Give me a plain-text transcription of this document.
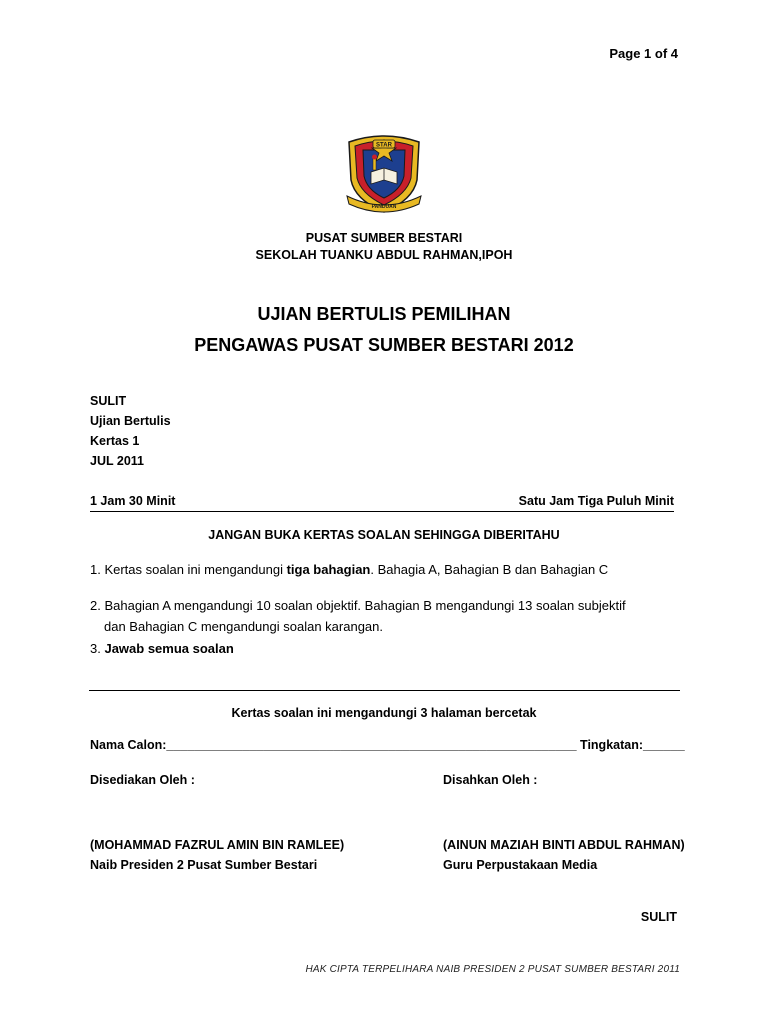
Page 1 of 4
STAR
PANDUAN
PUSAT SUMBER BESTARI
SEKOLAH TUANKU ABDUL RAHMAN,IPOH
UJIAN BERTULIS PEMILIHAN
PENGAWAS PUSAT SUMBER BESTARI 2012
SULIT
Ujian Bertulis
Kertas 1
JUL 2011
1 Jam 30 Minit	Satu Jam Tiga Puluh Minit
JANGAN BUKA KERTAS SOALAN SEHINGGA DIBERITAHU
1. Kertas soalan ini mengandungi tiga bahagian. Bahagia A, Bahagian B dan Bahagian C
2. Bahagian A mengandungi 10 soalan objektif. Bahagian B mengandungi 13 soalan subjektif
dan Bahagian C mengandungi soalan karangan.
3. Jawab semua soalan
Kertas soalan ini mengandungi 3 halaman bercetak
Nama Calon:___________________________________________________________ Tingkatan:______
Disediakan Oleh :	Disahkan Oleh :
(MOHAMMAD FAZRUL AMIN BIN RAMLEE)
Naib Presiden 2 Pusat Sumber Bestari
(AINUN MAZIAH BINTI ABDUL RAHMAN)
Guru Perpustakaan Media
SULIT
HAK CIPTA TERPELIHARA NAIB PRESIDEN 2 PUSAT SUMBER BESTARI 2011
